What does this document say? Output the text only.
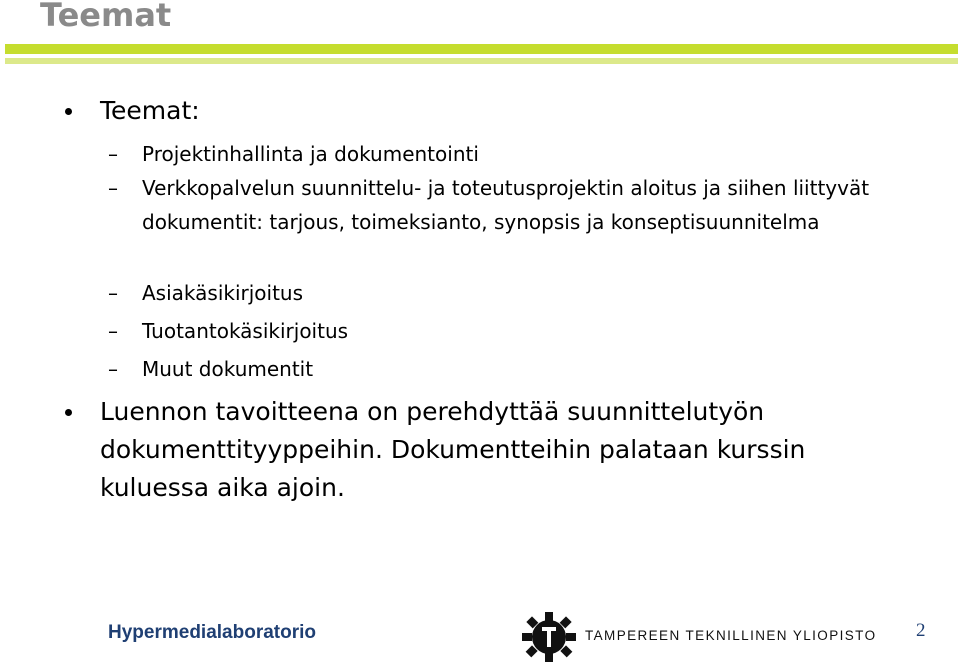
Teemat
Teemat:
– Projektinhallinta ja dokumentointi
– Verkkopalvelun suunnittelu- ja toteutusprojektin aloitus ja siihen liittyvät dokumentit: tarjous, toimeksianto, synopsis ja konseptisuunnitelma
– Asiakäsikirjoitus
– Tuotantokäsikirjoitus
– Muut dokumentit
Luennon tavoitteena on perehdyttää suunnittelutyön dokumenttityyppeihin. Dokumentteihin palataan kurssin kuluessa aika ajoin.
Hypermedialaboratorio	TAMPEREEN TEKNILLINEN YLIOPISTO 2
